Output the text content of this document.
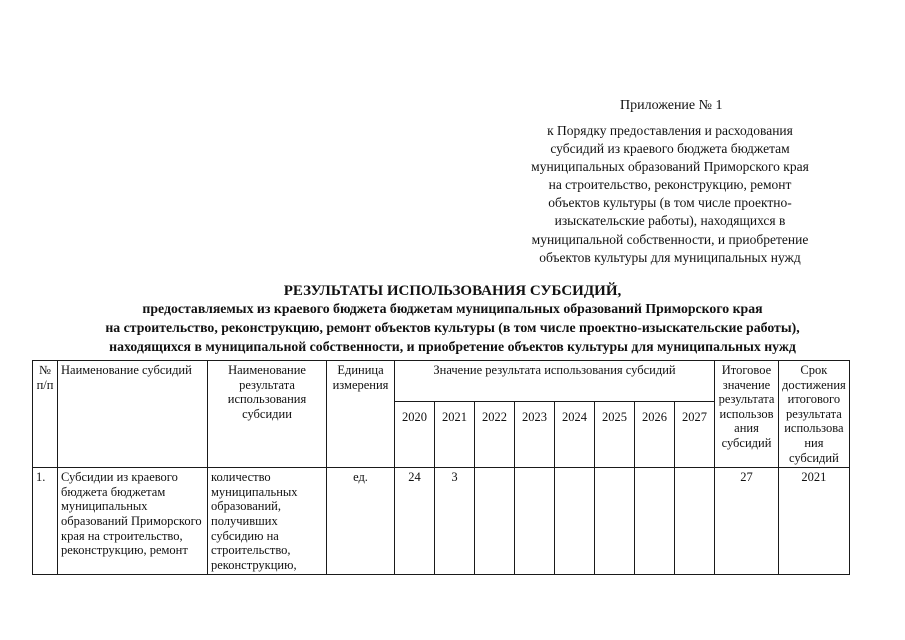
Приложение № 1
к Порядку предоставления и расходования
субсидий из краевого бюджета бюджетам
муниципальных образований Приморского края
на строительство, реконструкцию, ремонт
объектов культуры (в том числе проектно-
изыскательские работы), находящихся в
муниципальной собственности, и приобретение
объектов культуры для муниципальных нужд
РЕЗУЛЬТАТЫ ИСПОЛЬЗОВАНИЯ СУБСИДИЙ,
предоставляемых из краевого бюджета бюджетам муниципальных образований Приморского края
на строительство, реконструкцию, ремонт объектов культуры (в том числе проектно-изыскательские работы),
находящихся в муниципальной собственности, и приобретение объектов культуры для муниципальных нужд
№ п/п	Наименование субсидий	Наименование результата использования субсидии	Единица измерения	Значение результата использования субсидий								Итоговое значение результата использов ания субсидий	Срок достижения итогового результата использова ния субсидий
				2020	2021	2022	2023	2024	2025	2026	2027		
1.	Субсидии из краевого бюджета бюджетам муниципальных образований Приморского края на строительство, реконструкцию, ремонт	количество муниципальных образований, получивших субсидию на строительство, реконструкцию,	ед.	24	3							27	2021
